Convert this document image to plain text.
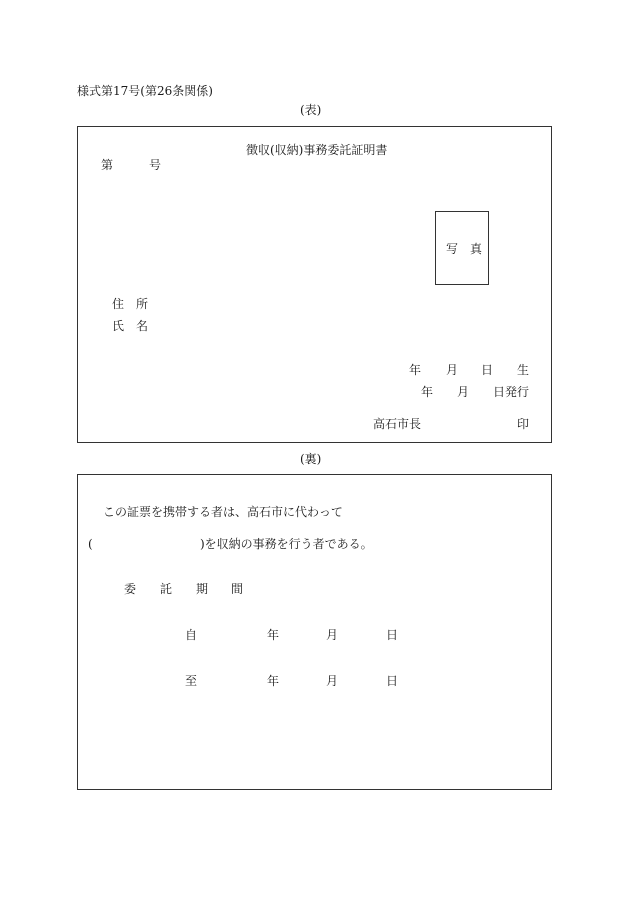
様式第17号(第26条関係)
(表)
徴収(収納)事務委託証明書
第	号
写　真
住　所
氏　名
年 月 日 生
年 月 日発行
高石市長	印
(裏)
この証票を携帯する者は、高石市に代わって
(	)を収納の事務を行う者である。
委 託 期 間
自	年	月	日
至	年	月	日
